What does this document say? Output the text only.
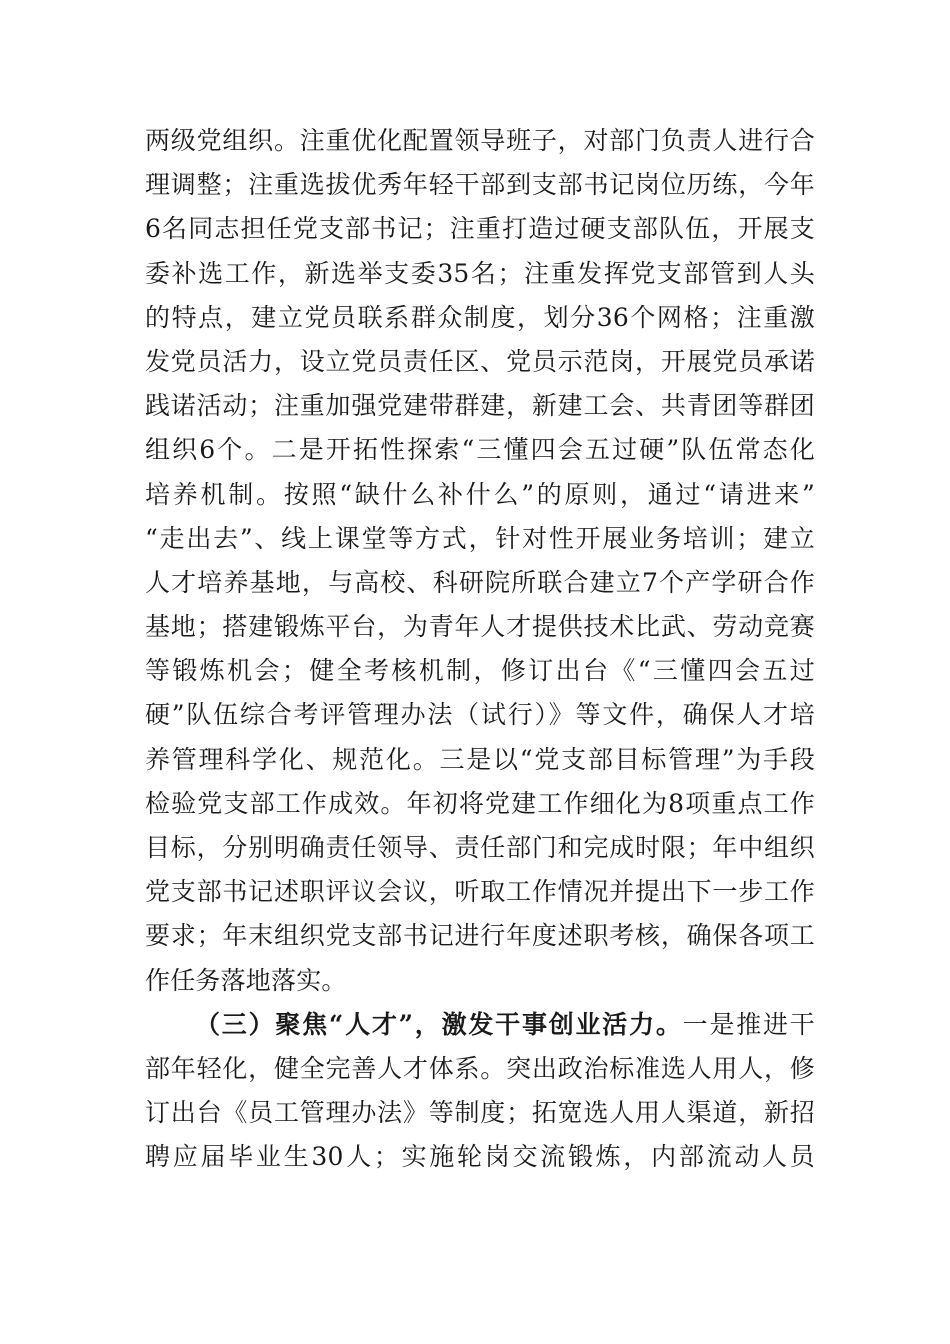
两级党组织。注重优化配置领导班子，对部门负责人进行合
理调整；注重选拔优秀年轻干部到支部书记岗位历练，今年
6名同志担任党支部书记；注重打造过硬支部队伍，开展支
委补选工作，新选举支委35名；注重发挥党支部管到人头
的特点，建立党员联系群众制度，划分36个网格；注重激
发党员活力，设立党员责任区、党员示范岗，开展党员承诺
践诺活动；注重加强党建带群建，新建工会、共青团等群团
组织6个。二是开拓性探索“三懂四会五过硬”队伍常态化
培养机制。按照“缺什么补什么”的原则，通过“请进来”
“走出去”、线上课堂等方式，针对性开展业务培训；建立
人才培养基地，与高校、科研院所联合建立7个产学研合作
基地；搭建锻炼平台，为青年人才提供技术比武、劳动竞赛
等锻炼机会；健全考核机制，修订出台《“三懂四会五过
硬”队伍综合考评管理办法（试行）》等文件，确保人才培
养管理科学化、规范化。三是以“党支部目标管理”为手段
检验党支部工作成效。年初将党建工作细化为8项重点工作
目标，分别明确责任领导、责任部门和完成时限；年中组织
党支部书记述职评议会议，听取工作情况并提出下一步工作
要求；年末组织党支部书记进行年度述职考核，确保各项工
作任务落地落实。
（三）聚焦“人才”，激发干事创业活力。一是推进干
部年轻化，健全完善人才体系。突出政治标准选人用人，修
订出台《员工管理办法》等制度；拓宽选人用人渠道，新招
聘应届毕业生30人；实施轮岗交流锻炼，内部流动人员
